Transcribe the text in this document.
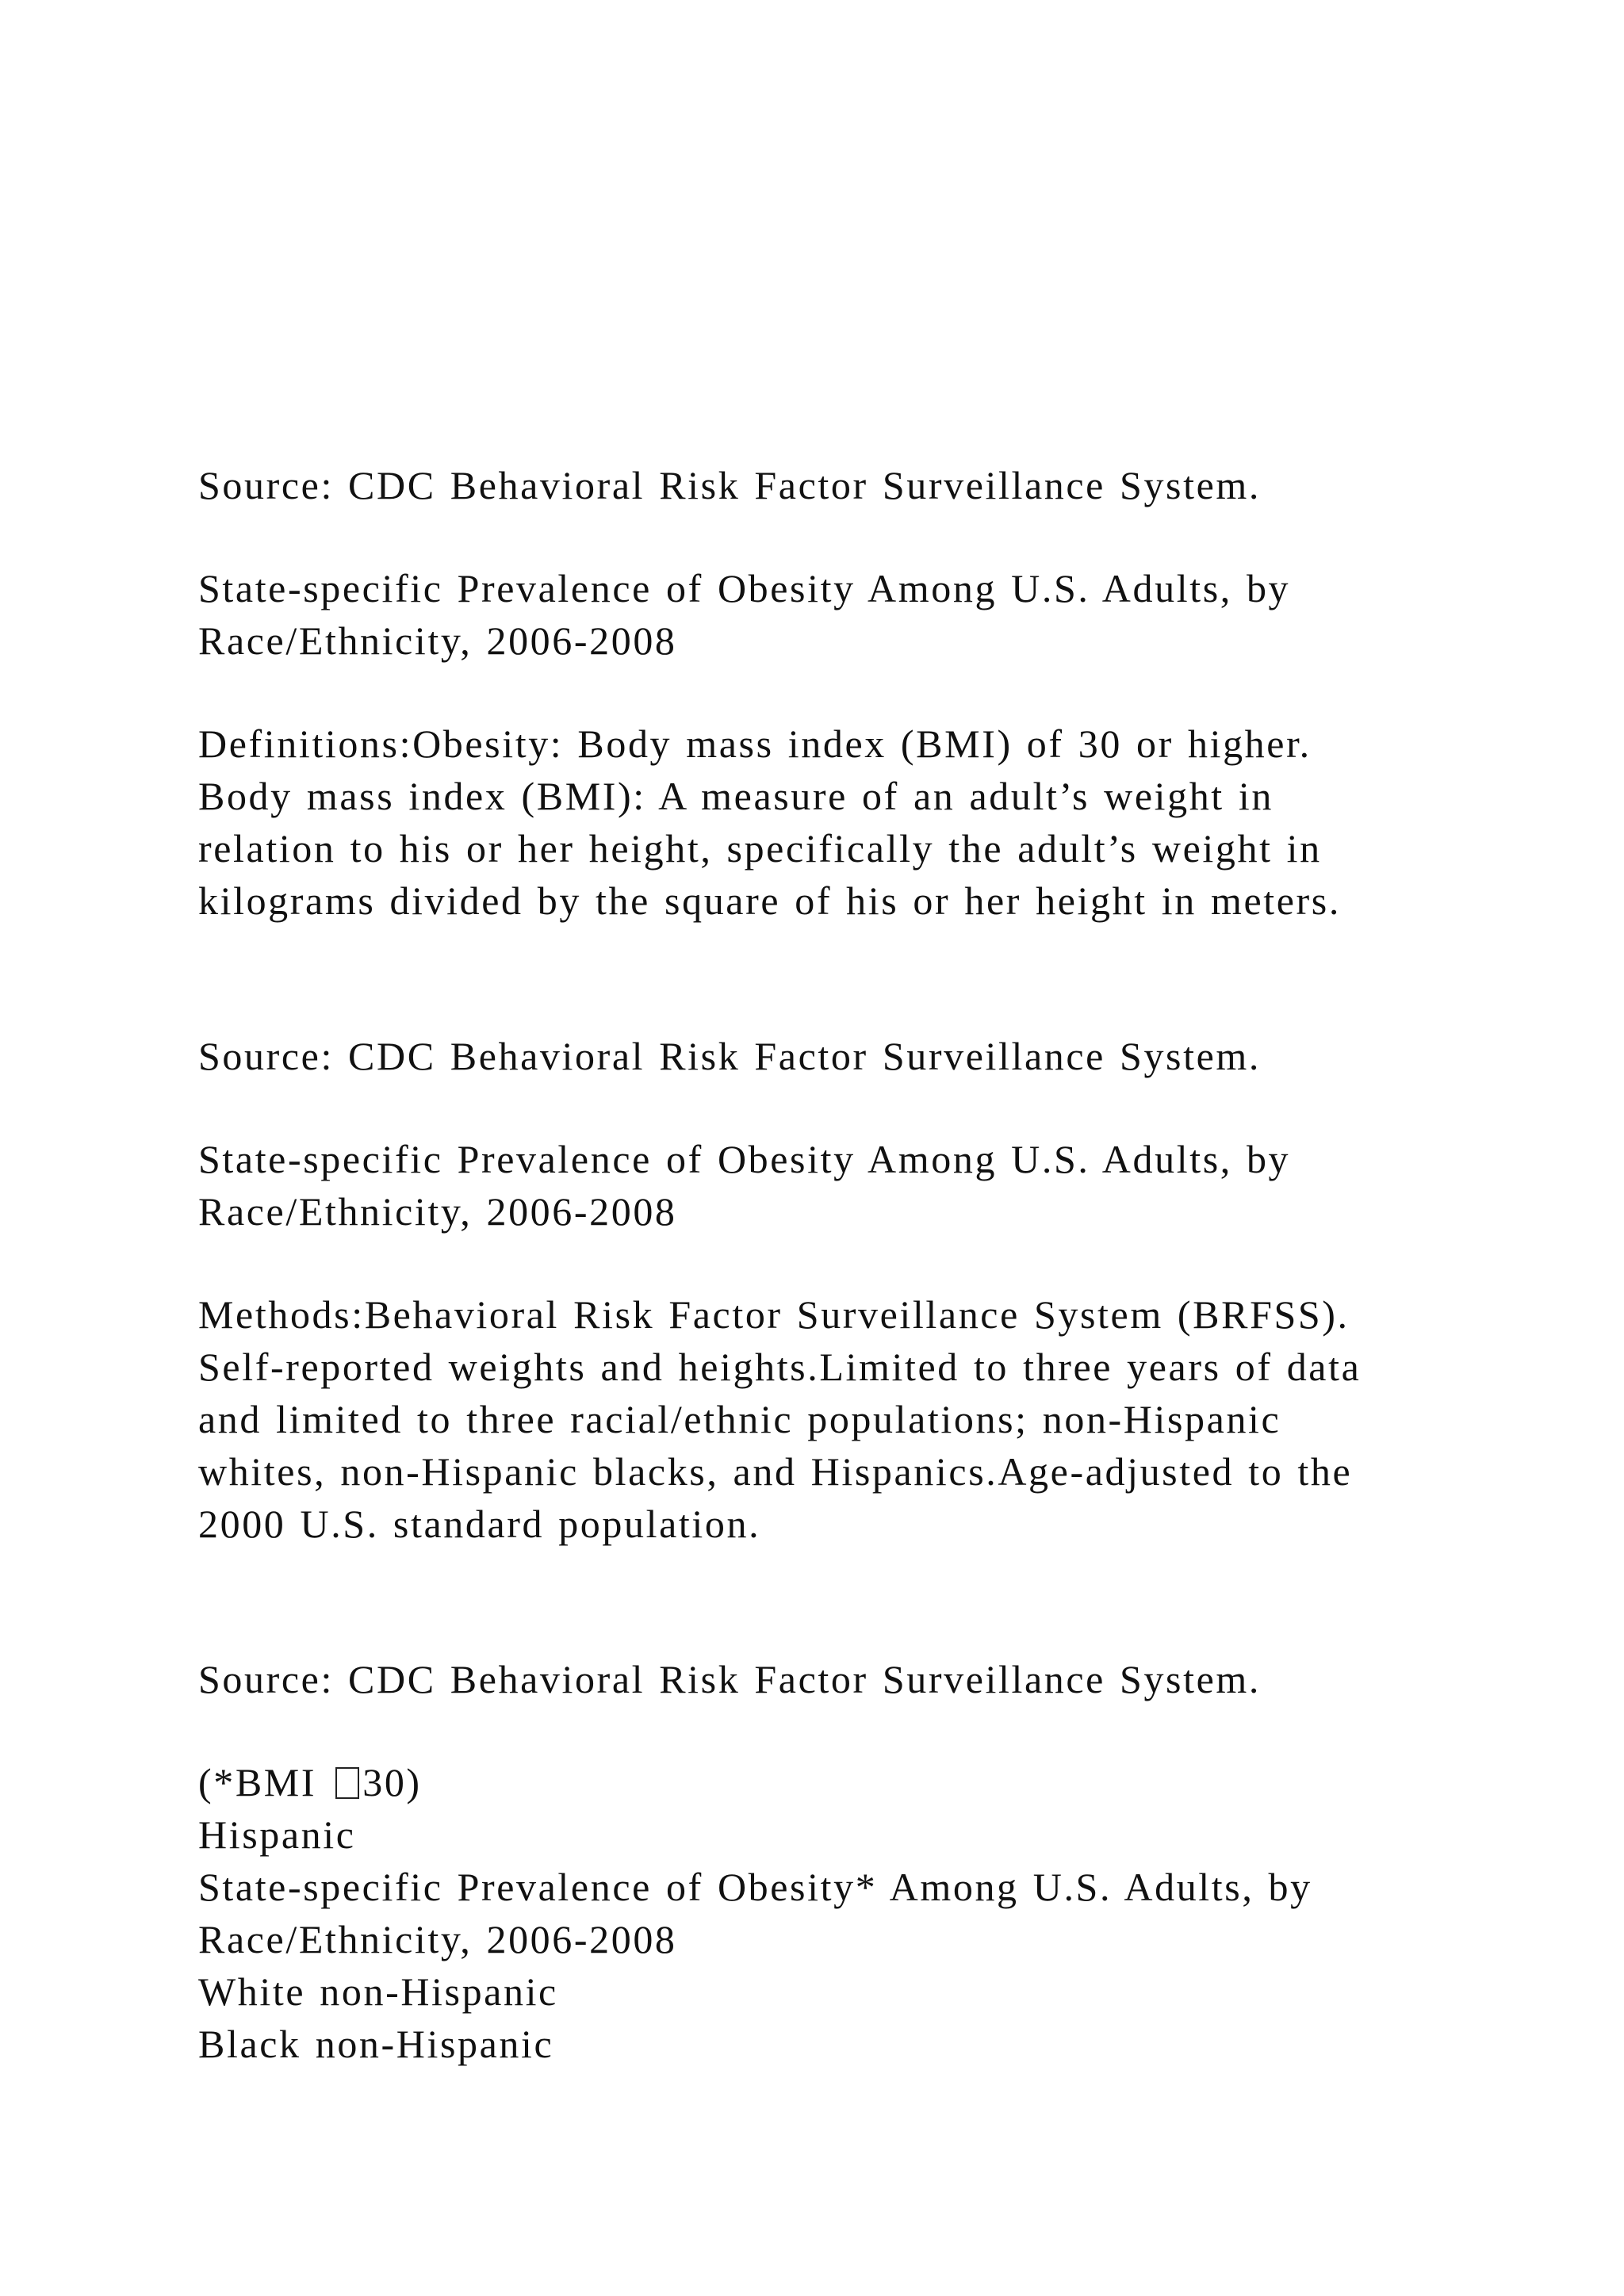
Source: CDC Behavioral Risk Factor Surveillance System.
State-specific Prevalence of Obesity Among U.S. Adults, by
Race/Ethnicity, 2006-2008
Definitions:Obesity: Body mass index (BMI) of 30 or higher.
Body mass index (BMI): A measure of an adult’s weight in
relation to his or her height, specifically the adult’s weight in
kilograms divided by the square of his or her height in meters.
Source: CDC Behavioral Risk Factor Surveillance System.
State-specific Prevalence of Obesity Among U.S. Adults, by
Race/Ethnicity, 2006-2008
Methods:Behavioral Risk Factor Surveillance System (BRFSS).
Self-reported weights and heights.Limited to three years of data
and limited to three racial/ethnic populations; non-Hispanic
whites, non-Hispanic blacks, and Hispanics.Age-adjusted to the
2000 U.S. standard population.
Source: CDC Behavioral Risk Factor Surveillance System.
(*BMI 30)
Hispanic
State-specific Prevalence of Obesity* Among U.S. Adults, by
Race/Ethnicity, 2006-2008
White non-Hispanic
Black non-Hispanic
